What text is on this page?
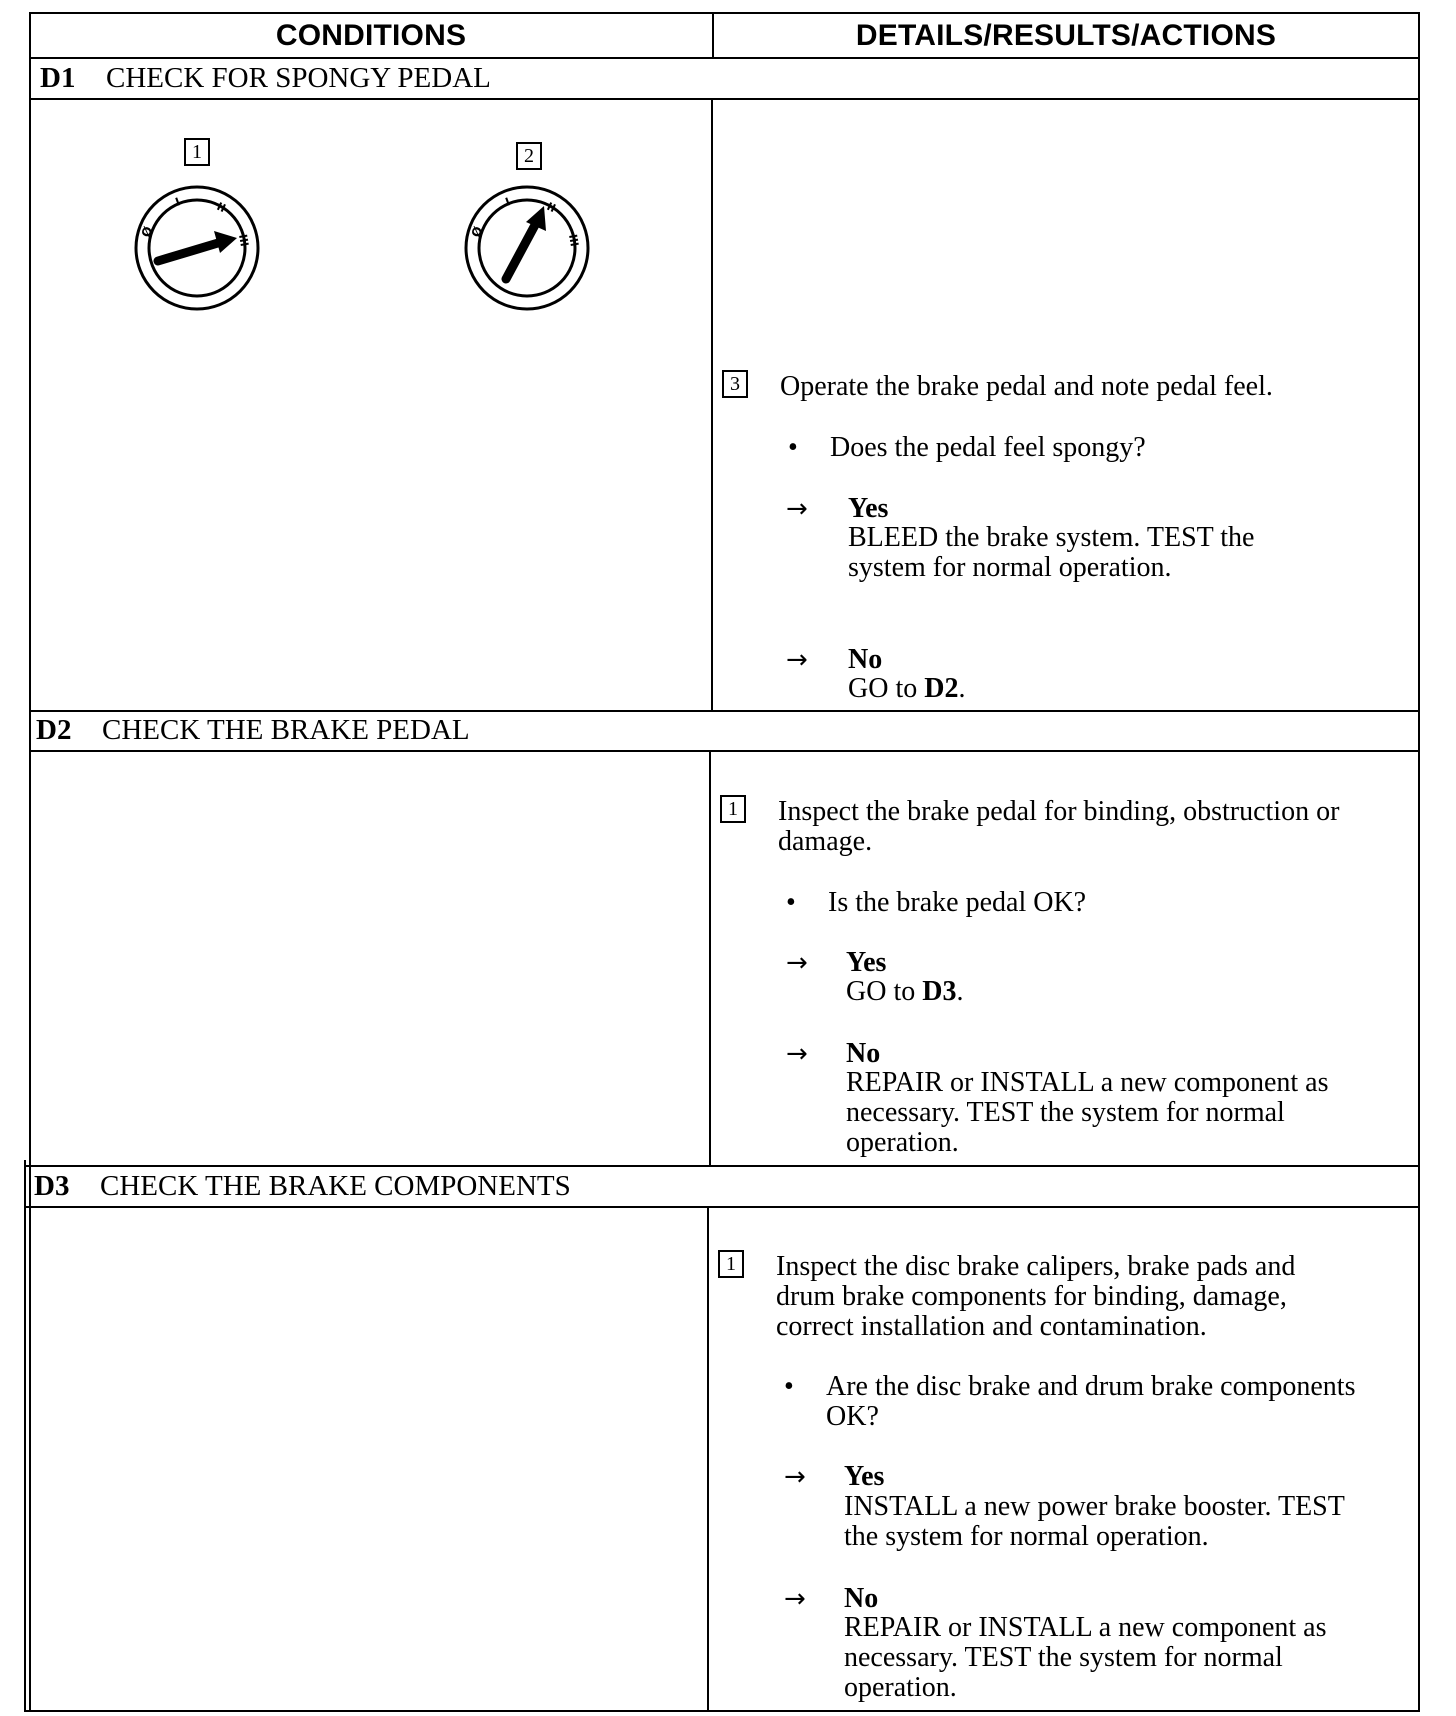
CONDITIONS	DETAILS/RESULTS/ACTIONS
D1 CHECK FOR SPONGY PEDAL
1	2
Ø
I	II
III
Ø
I	II
III
3 Operate the brake pedal and note pedal feel.
• Does the pedal feel spongy?
→ Yes
BLEED the brake system. TEST the
system for normal operation.
→ No
GO to D2.
D2 CHECK THE BRAKE PEDAL
1 Inspect the brake pedal for binding, obstruction or
damage.
• Is the brake pedal OK?
→ Yes
GO to D3.
→ No
REPAIR or INSTALL a new component as
necessary. TEST the system for normal
operation.
D3 CHECK THE BRAKE COMPONENTS
1 Inspect the disc brake calipers, brake pads and
drum brake components for binding, damage,
correct installation and contamination.
• Are the disc brake and drum brake components
OK?
→ Yes
INSTALL a new power brake booster. TEST
the system for normal operation.
→ No
REPAIR or INSTALL a new component as
necessary. TEST the system for normal
operation.
